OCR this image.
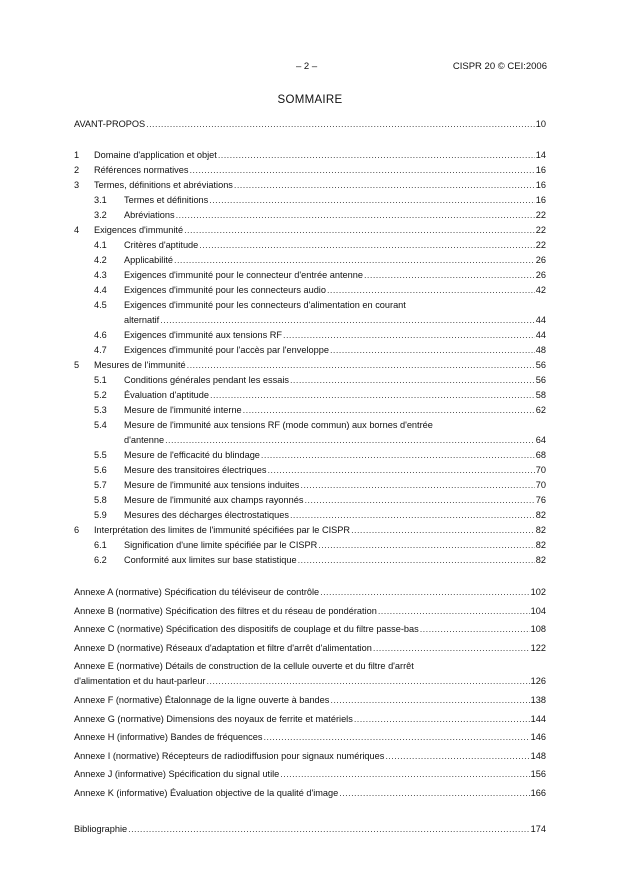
– 2 –	CISPR 20 © CEI:2006
SOMMAIRE
AVANT-PROPOS .....	10
1	Domaine d'application et objet .....	14
2	Références normatives .....	16
3	Termes, définitions et abréviations .....	16
3.1	Termes et définitions .....	16
3.2	Abréviations .....	22
4	Exigences d'immunité .....	22
4.1	Critères d'aptitude .....	22
4.2	Applicabilité .....	26
4.3	Exigences d'immunité pour le connecteur d'entrée antenne .....	26
4.4	Exigences d'immunité pour les connecteurs audio .....	42
4.5	Exigences d'immunité pour les connecteurs d'alimentation en courant
alternatif .....	44
4.6	Exigences d'immunité aux tensions RF .....	44
4.7	Exigences d'immunité pour l'accès par l'enveloppe .....	48
5	Mesures de l'immunité .....	56
5.1	Conditions générales pendant les essais .....	56
5.2	Évaluation d'aptitude .....	58
5.3	Mesure de l'immunité interne .....	62
5.4	Mesure de l'immunité aux tensions RF (mode commun) aux bornes d'entrée
d'antenne .....	64
5.5	Mesure de l'efficacité du blindage .....	68
5.6	Mesure des transitoires électriques .....	70
5.7	Mesure de l'immunité aux tensions induites .....	70
5.8	Mesure de l'immunité aux champs rayonnés .....	76
5.9	Mesures des décharges électrostatiques .....	82
6	Interprétation des limites de l'immunité spécifiées par le CISPR .....	82
6.1	Signification d'une limite spécifiée par le CISPR .....	82
6.2	Conformité aux limites sur base statistique .....	82
Annexe A (normative) Spécification du téléviseur de contrôle .....	102
Annexe B (normative) Spécification des filtres et du réseau de pondération .....	104
Annexe C (normative) Spécification des dispositifs de couplage et du filtre passe-bas .....	108
Annexe D (normative) Réseaux d'adaptation et filtre d'arrêt d'alimentation .....	122
Annexe E (normative) Détails de construction de la cellule ouverte et du filtre d'arrêt
d'alimentation et du haut-parleur .....	126
Annexe F (normative) Étalonnage de la ligne ouverte à bandes .....	138
Annexe G (normative) Dimensions des noyaux de ferrite et matériels .....	144
Annexe H (informative) Bandes de fréquences .....	146
Annexe I (normative) Récepteurs de radiodiffusion pour signaux numériques .....	148
Annexe J (informative) Spécification du signal utile .....	156
Annexe K (informative) Évaluation objective de la qualité d'image .....	166
Bibliographie .....	174
